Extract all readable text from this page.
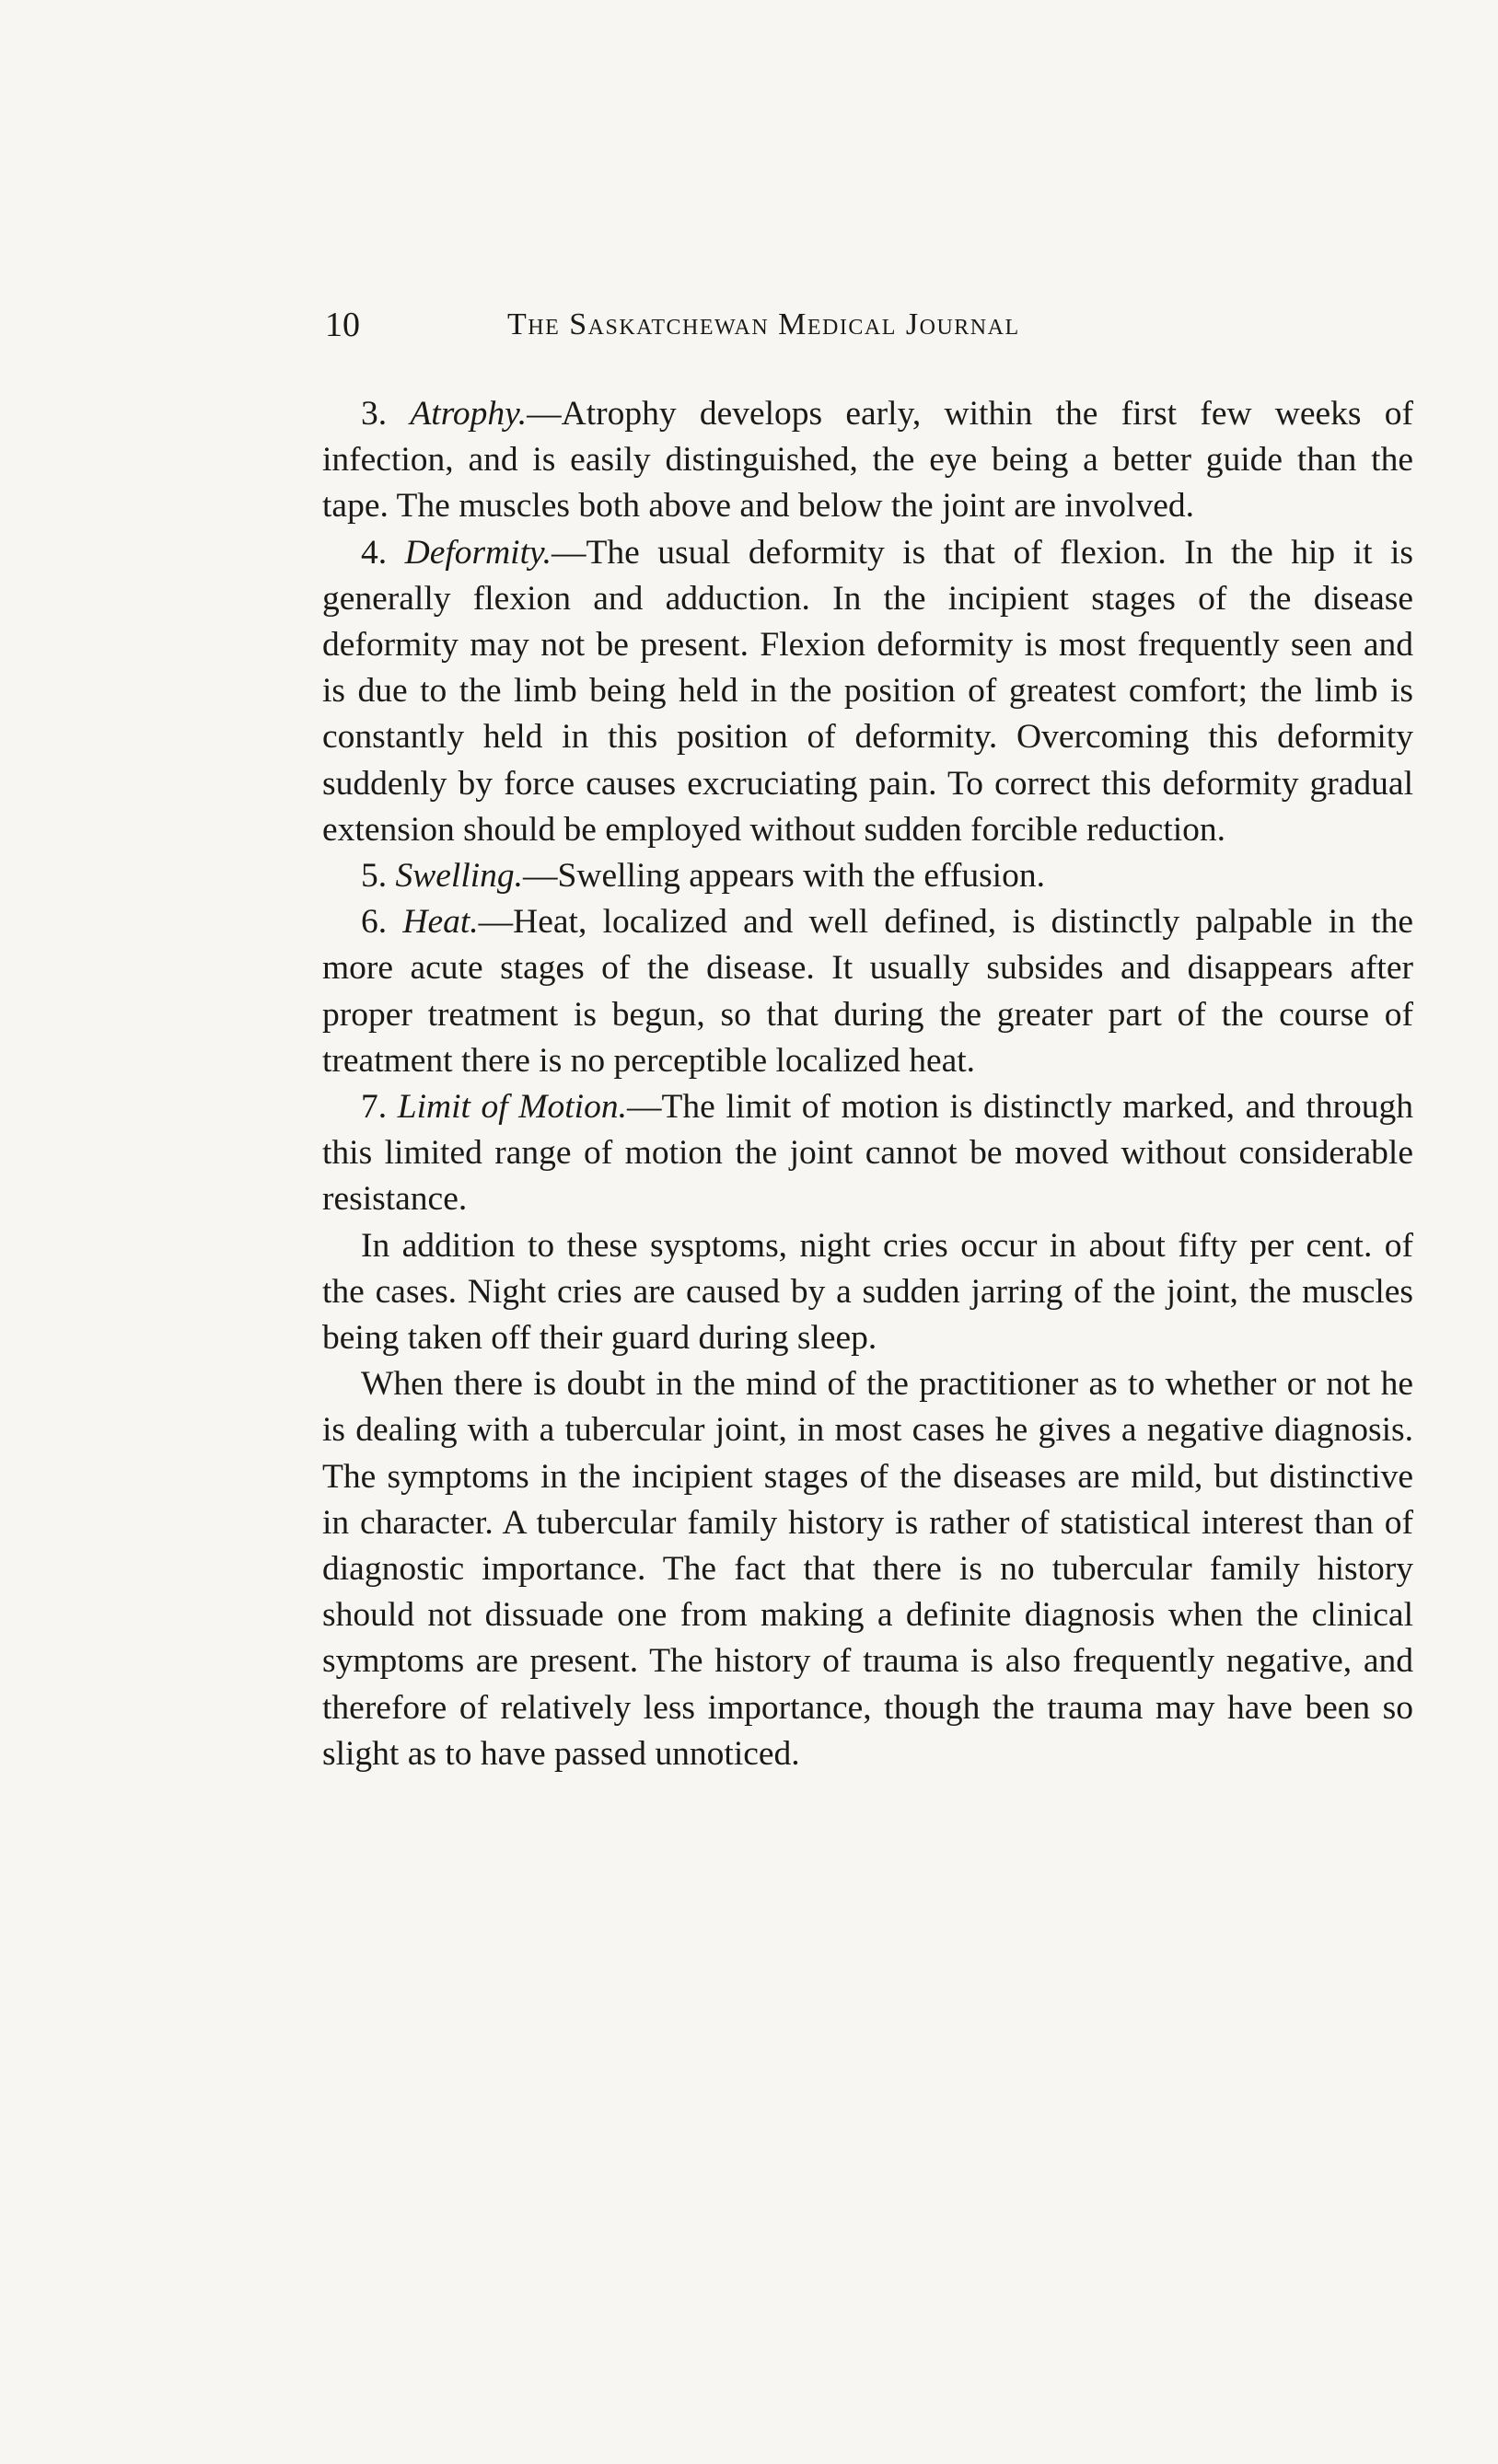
10	The Saskatchewan Medical Journal

3. Atrophy.—Atrophy develops early, within the first few weeks of infection, and is easily distinguished, the eye being a better guide than the tape. The muscles both above and below the joint are involved.

4. Deformity.—The usual deformity is that of flexion. In the hip it is generally flexion and adduction. In the incipient stages of the disease deformity may not be present. Flexion deformity is most frequently seen and is due to the limb being held in the position of greatest comfort; the limb is constantly held in this position of deformity. Overcoming this deformity suddenly by force causes excruciating pain. To correct this deformity gradual extension should be employed without sudden forcible reduction.

5. Swelling.—Swelling appears with the effusion.

6. Heat.—Heat, localized and well defined, is distinctly palpable in the more acute stages of the disease. It usually subsides and disappears after proper treatment is begun, so that during the greater part of the course of treatment there is no perceptible localized heat.

7. Limit of Motion.—The limit of motion is distinctly marked, and through this limited range of motion the joint cannot be moved without considerable resistance.

In addition to these sysptoms, night cries occur in about fifty per cent. of the cases. Night cries are caused by a sudden jarring of the joint, the muscles being taken off their guard during sleep.

When there is doubt in the mind of the practitioner as to whether or not he is dealing with a tubercular joint, in most cases he gives a negative diagnosis. The symptoms in the incipient stages of the diseases are mild, but distinctive in character. A tubercular family history is rather of statistical interest than of diagnostic importance. The fact that there is no tubercular family history should not dissuade one from making a definite diagnosis when the clinical symptoms are present. The history of trauma is also frequently negative, and therefore of relatively less importance, though the trauma may have been so slight as to have passed unnoticed.
